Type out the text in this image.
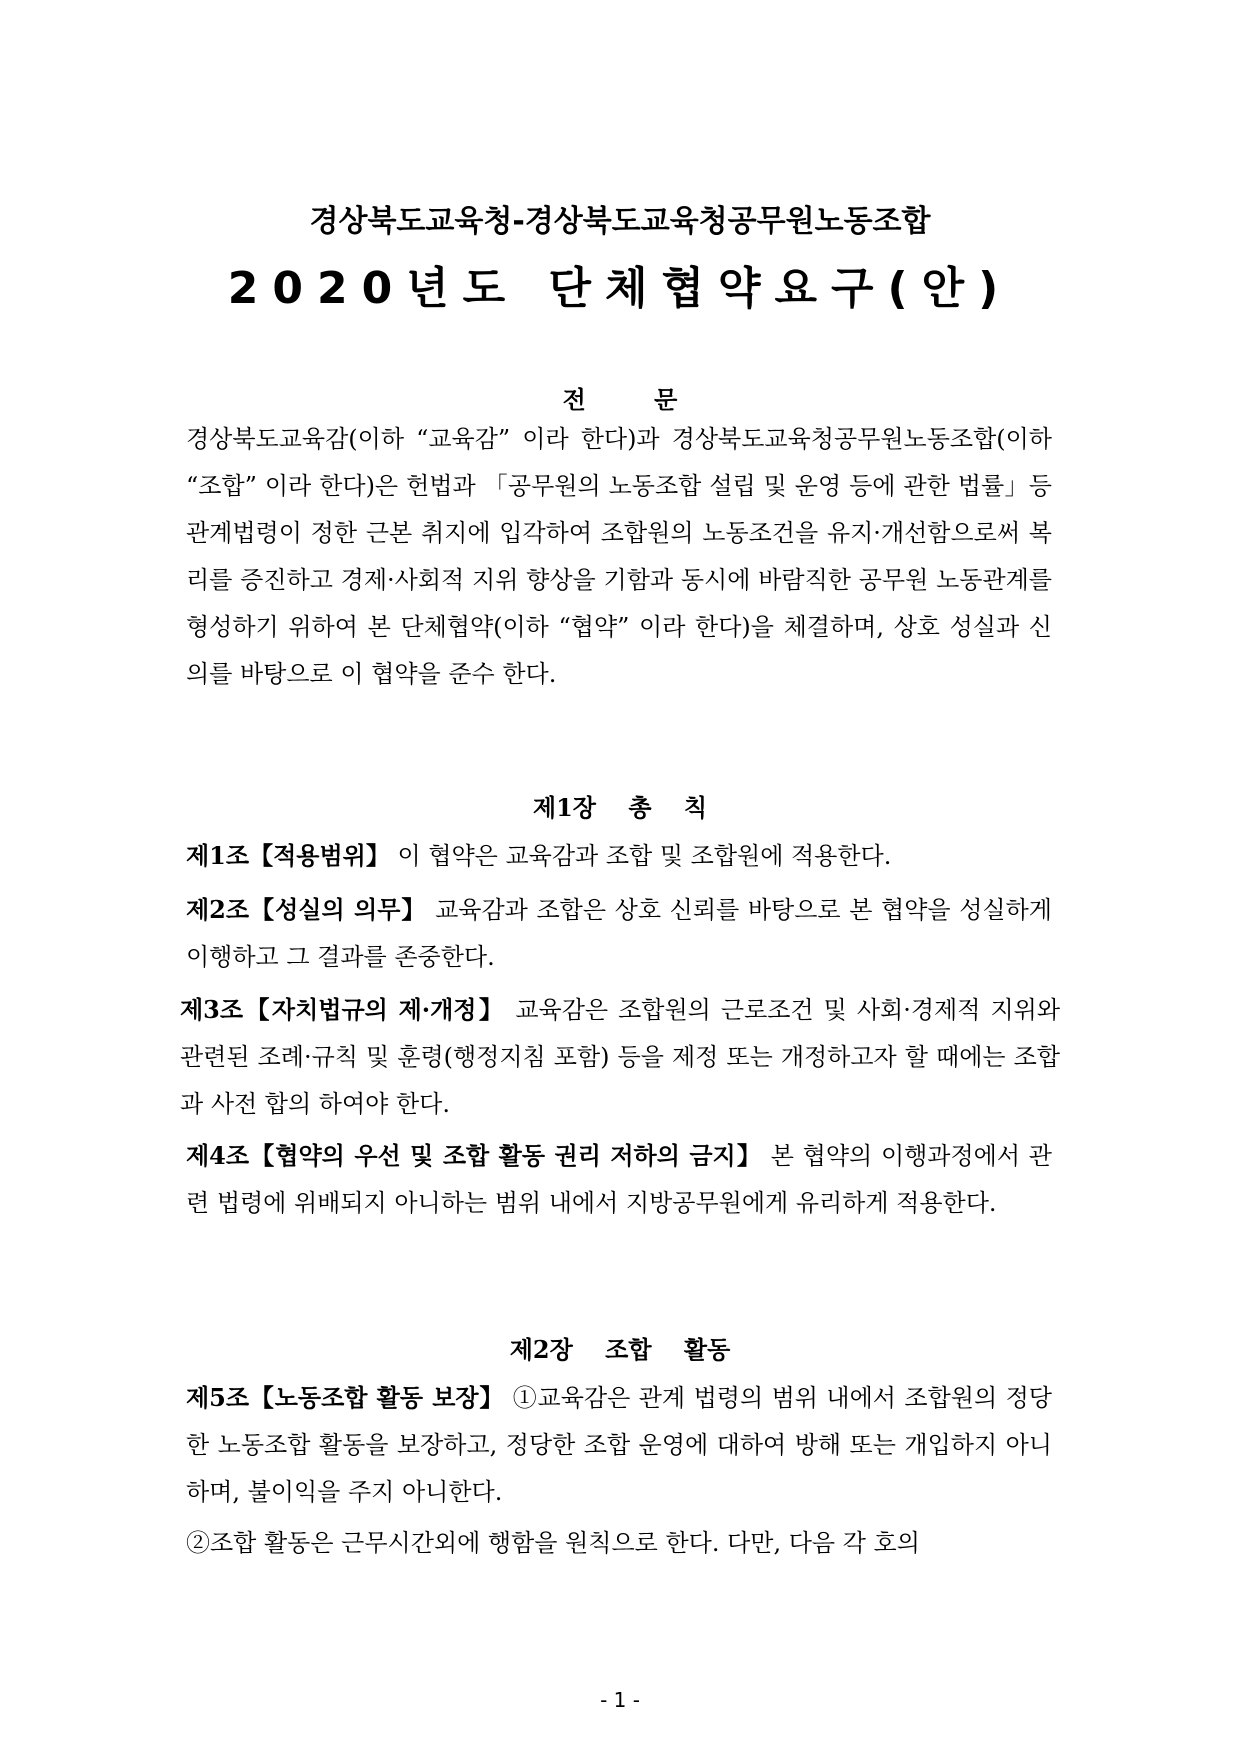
경상북도교육청-경상북도교육청공무원노동조합
2020년도 단체협약요구(안)
전 문
경상북도교육감(이하 “교육감” 이라 한다)과 경상북도교육청공무원노동조합(이하 “조합” 이라 한다)은 헌법과 「공무원의 노동조합 설립 및 운영 등에 관한 법률」등 관계법령이 정한 근본 취지에 입각하여 조합원의 노동조건을 유지·개선함으로써 복리를 증진하고 경제·사회적 지위 향상을 기함과 동시에 바람직한 공무원 노동관계를 형성하기 위하여 본 단체협약(이하 “협약” 이라 한다)을 체결하며, 상호 성실과 신의를 바탕으로 이 협약을 준수 한다.
제1장 총 칙
제1조【적용범위】 이 협약은 교육감과 조합 및 조합원에 적용한다.
제2조【성실의 의무】 교육감과 조합은 상호 신뢰를 바탕으로 본 협약을 성실하게 이행하고 그 결과를 존중한다.
제3조【자치법규의 제·개정】 교육감은 조합원의 근로조건 및 사회·경제적 지위와 관련된 조례·규칙 및 훈령(행정지침 포함) 등을 제정 또는 개정하고자 할 때에는 조합과 사전 합의 하여야 한다.
제4조【협약의 우선 및 조합 활동 권리 저하의 금지】 본 협약의 이행과정에서 관련 법령에 위배되지 아니하는 범위 내에서 지방공무원에게 유리하게 적용한다.
제2장 조합 활동
제5조【노동조합 활동 보장】 ①교육감은 관계 법령의 범위 내에서 조합원의 정당한 노동조합 활동을 보장하고, 정당한 조합 운영에 대하여 방해 또는 개입하지 아니하며, 불이익을 주지 아니한다.
②조합 활동은 근무시간외에 행함을 원칙으로 한다. 다만, 다음 각 호의
- 1 -
